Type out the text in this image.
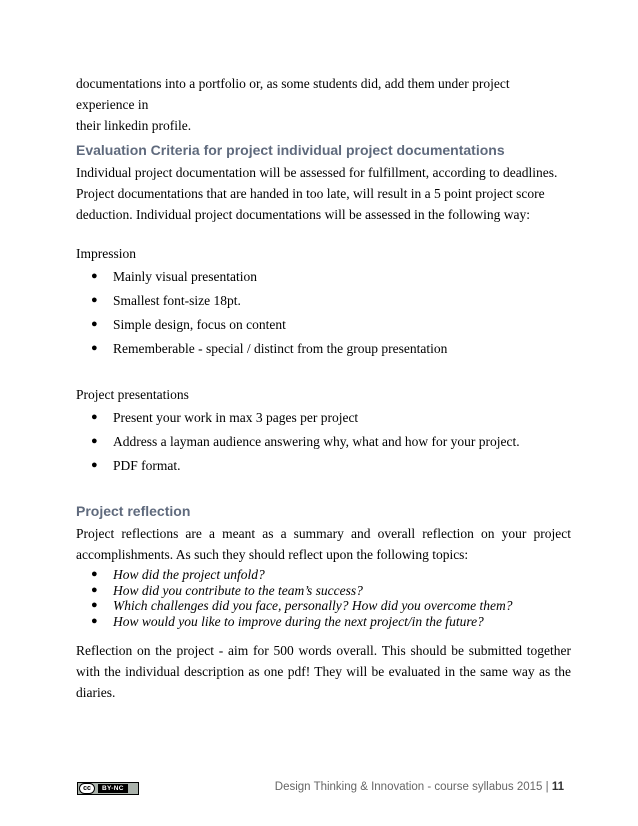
documentations into a portfolio or, as some students did, add them under project experience in
their linkedin profile.

Evaluation Criteria for project individual project documentations

Individual project documentation will be assessed for fulfillment, according to deadlines. Project documentations that are handed in too late, will result in a 5 point project score deduction. Individual project documentations will be assessed in the following way:

Impression

● Mainly visual presentation
● Smallest font-size 18pt.
● Simple design, focus on content
● Rememberable - special / distinct from the group presentation

Project presentations

● Present your work in max 3 pages per project
● Address a layman audience answering why, what and how for your project.
● PDF format.
Project reflection

Project reflections are a meant as a summary and overall reflection on your project accomplishments. As such they should reflect upon the following topics:

● How did the project unfold?
● How did you contribute to the team’s success?
● Which challenges did you face, personally? How did you overcome them?
● How would you like to improve during the next project/in the future?

Reflection on the project - aim for 500 words overall. This should be submitted together with the individual description as one pdf! They will be evaluated in the same way as the diaries.

cc	BY-NC	Design Thinking & Innovation - course syllabus 2015 | 11
